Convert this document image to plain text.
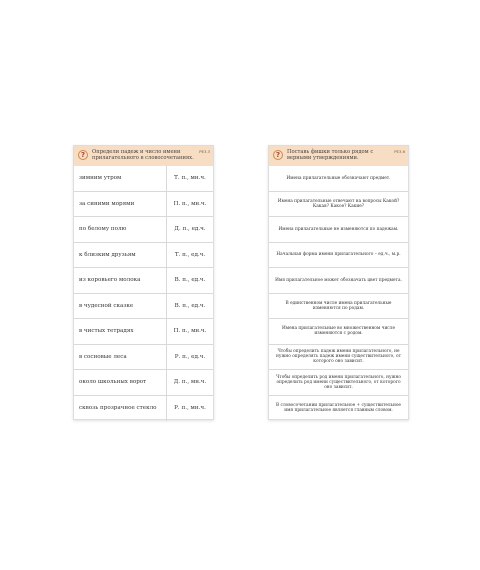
?	Определи падеж и число имени прилагательного в словосочетаниях.
РЕ3.3
зимним утром	Т. п., мн.ч.
за синими морями	П. п., мн.ч.
по белому полю	Д. п., ед.ч.
к близким друзьям	Т. п., ед.ч.
из коровьего молока	В. п., ед.ч.
в чудесной сказке	В. п., ед.ч.
в чистых тетрадях	П. п., мн.ч.
в сосновые леса	Р. п., ед.ч.
около школьных ворот	Д. п., мн.ч.
сквозь прозрачное стекло	Р. п., мн.ч.
?	Поставь фишки только рядом с верными утверждениями.
РЕ3.6
Имена прилагательные обозначают предмет.
Имена прилагательные отвечают на вопросы Какой? Какая? Какое? Какие?
Имена прилагательные не изменяются по падежам.
Начальная форма имени прилагательного – ед.ч., м.р.
Имя прилагательное может обозначать цвет предмета.
В единственном числе имена прилагательные изменяются по родам.
Имена прилагательные во множественном числе изменяются с родом.
Чтобы определить падеж имени прилагательного, не нужно определять падеж имени существительного, от которого оно зависит.
Чтобы определить род имени прилагательного, нужно определить род имени существительного, от которого оно зависит.
В словосочетании прилагательное + существительное имя прилагательное является главным словом.
